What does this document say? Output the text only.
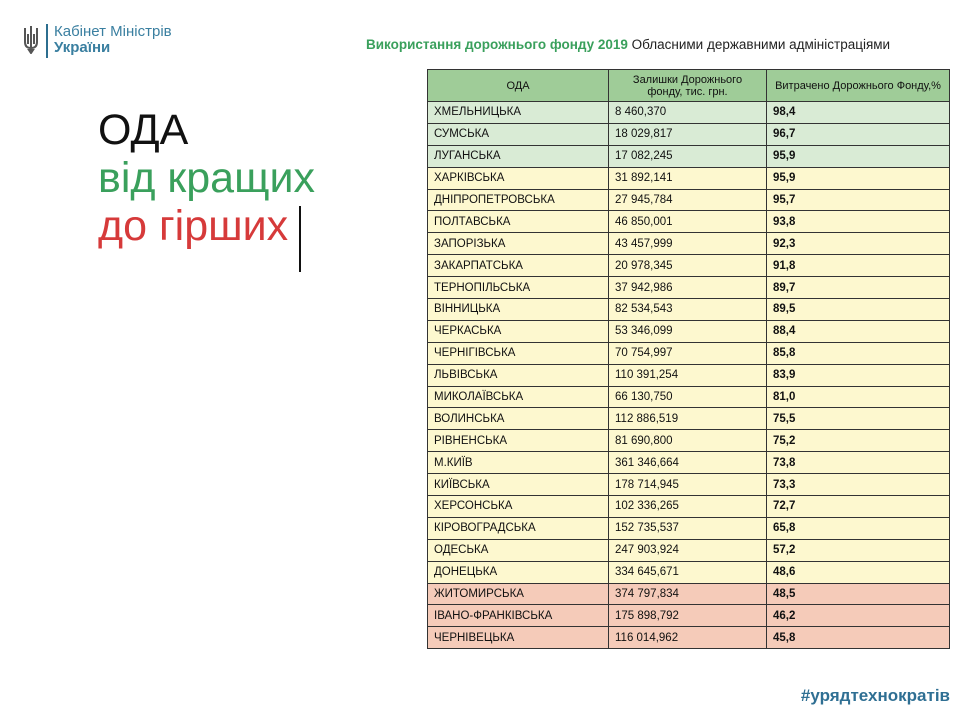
Кабінет Міністрів
України
ОДА
від кращих
до гірших
Використання дорожнього фонду 2019 Обласними державними адміністраціями
ОДА	Залишки Дорожнього фонду, тис. грн.	Витрачено Дорожнього Фонду,%
ХМЕЛЬНИЦЬКА	8 460,370	98,4
СУМСЬКА	18 029,817	96,7
ЛУГАНСЬКА	17 082,245	95,9
ХАРКІВСЬКА	31 892,141	95,9
ДНІПРОПЕТРОВСЬКА	27 945,784	95,7
ПОЛТАВСЬКА	46 850,001	93,8
ЗАПОРІЗЬКА	43 457,999	92,3
ЗАКАРПАТСЬКА	20 978,345	91,8
ТЕРНОПІЛЬСЬКА	37 942,986	89,7
ВІННИЦЬКА	82 534,543	89,5
ЧЕРКАСЬКА	53 346,099	88,4
ЧЕРНІГІВСЬКА	70 754,997	85,8
ЛЬВІВСЬКА	110 391,254	83,9
МИКОЛАЇВСЬКА	66 130,750	81,0
ВОЛИНСЬКА	112 886,519	75,5
РІВНЕНСЬКА	81 690,800	75,2
М.КИЇВ	361 346,664	73,8
КИЇВСЬКА	178 714,945	73,3
ХЕРСОНСЬКА	102 336,265	72,7
КІРОВОГРАДСЬКА	152 735,537	65,8
ОДЕСЬКА	247 903,924	57,2
ДОНЕЦЬКА	334 645,671	48,6
ЖИТОМИРСЬКА	374 797,834	48,5
ІВАНО-ФРАНКІВСЬКА	175 898,792	46,2
ЧЕРНІВЕЦЬКА	116 014,962	45,8
#урядтехнократів
